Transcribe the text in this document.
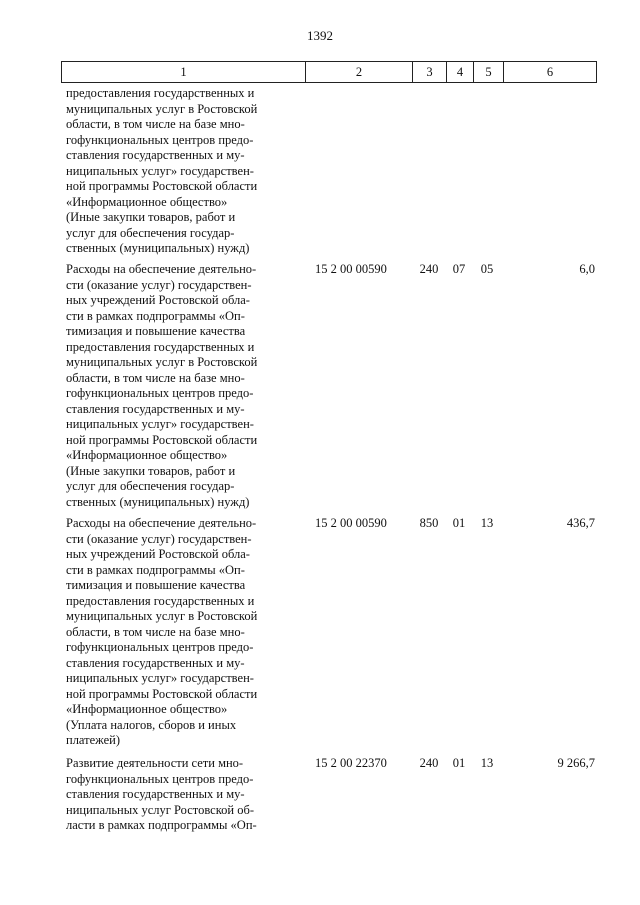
1392
1	2	3	4	5	6
предоставления государственных и
муниципальных услуг в Ростовской
области, в том числе на базе мно-
гофункциональных центров предо-
ставления государственных и му-
ниципальных услуг» государствен-
ной программы Ростовской области
«Информационное общество»
(Иные закупки товаров, работ и
услуг для обеспечения государ-
ственных (муниципальных) нужд)
Расходы на обеспечение деятельно-
сти (оказание услуг) государствен-
ных учреждений Ростовской обла-
сти в рамках подпрограммы «Оп-
тимизация и повышение качества
предоставления государственных и
муниципальных услуг в Ростовской
области, в том числе на базе мно-
гофункциональных центров предо-
ставления государственных и му-
ниципальных услуг» государствен-
ной программы Ростовской области
«Информационное общество»
(Иные закупки товаров, работ и
услуг для обеспечения государ-
ственных (муниципальных) нужд)
15 2 00 00590	240	07	05	6,0
Расходы на обеспечение деятельно-
сти (оказание услуг) государствен-
ных учреждений Ростовской обла-
сти в рамках подпрограммы «Оп-
тимизация и повышение качества
предоставления государственных и
муниципальных услуг в Ростовской
области, в том числе на базе мно-
гофункциональных центров предо-
ставления государственных и му-
ниципальных услуг» государствен-
ной программы Ростовской области
«Информационное общество»
(Уплата налогов, сборов и иных
платежей)
15 2 00 00590	850	01	13	436,7
Развитие деятельности сети мно-
гофункциональных центров предо-
ставления государственных и му-
ниципальных услуг Ростовской об-
ласти в рамках подпрограммы «Оп-
15 2 00 22370	240	01	13	9 266,7
